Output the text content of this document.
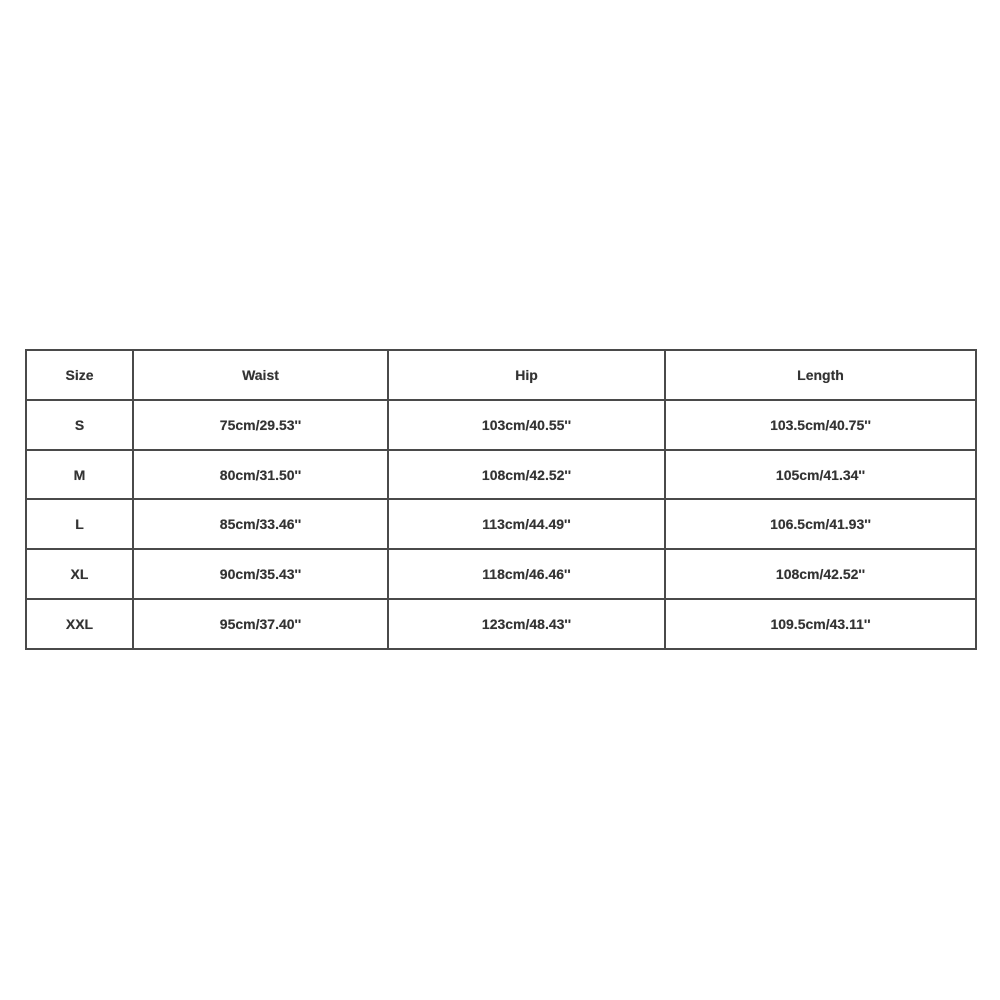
Size	Waist	Hip	Length
S	75cm/29.53''	103cm/40.55''	103.5cm/40.75''
M	80cm/31.50''	108cm/42.52''	105cm/41.34''
L	85cm/33.46''	113cm/44.49''	106.5cm/41.93''
XL	90cm/35.43''	118cm/46.46''	108cm/42.52''
XXL	95cm/37.40''	123cm/48.43''	109.5cm/43.11''
